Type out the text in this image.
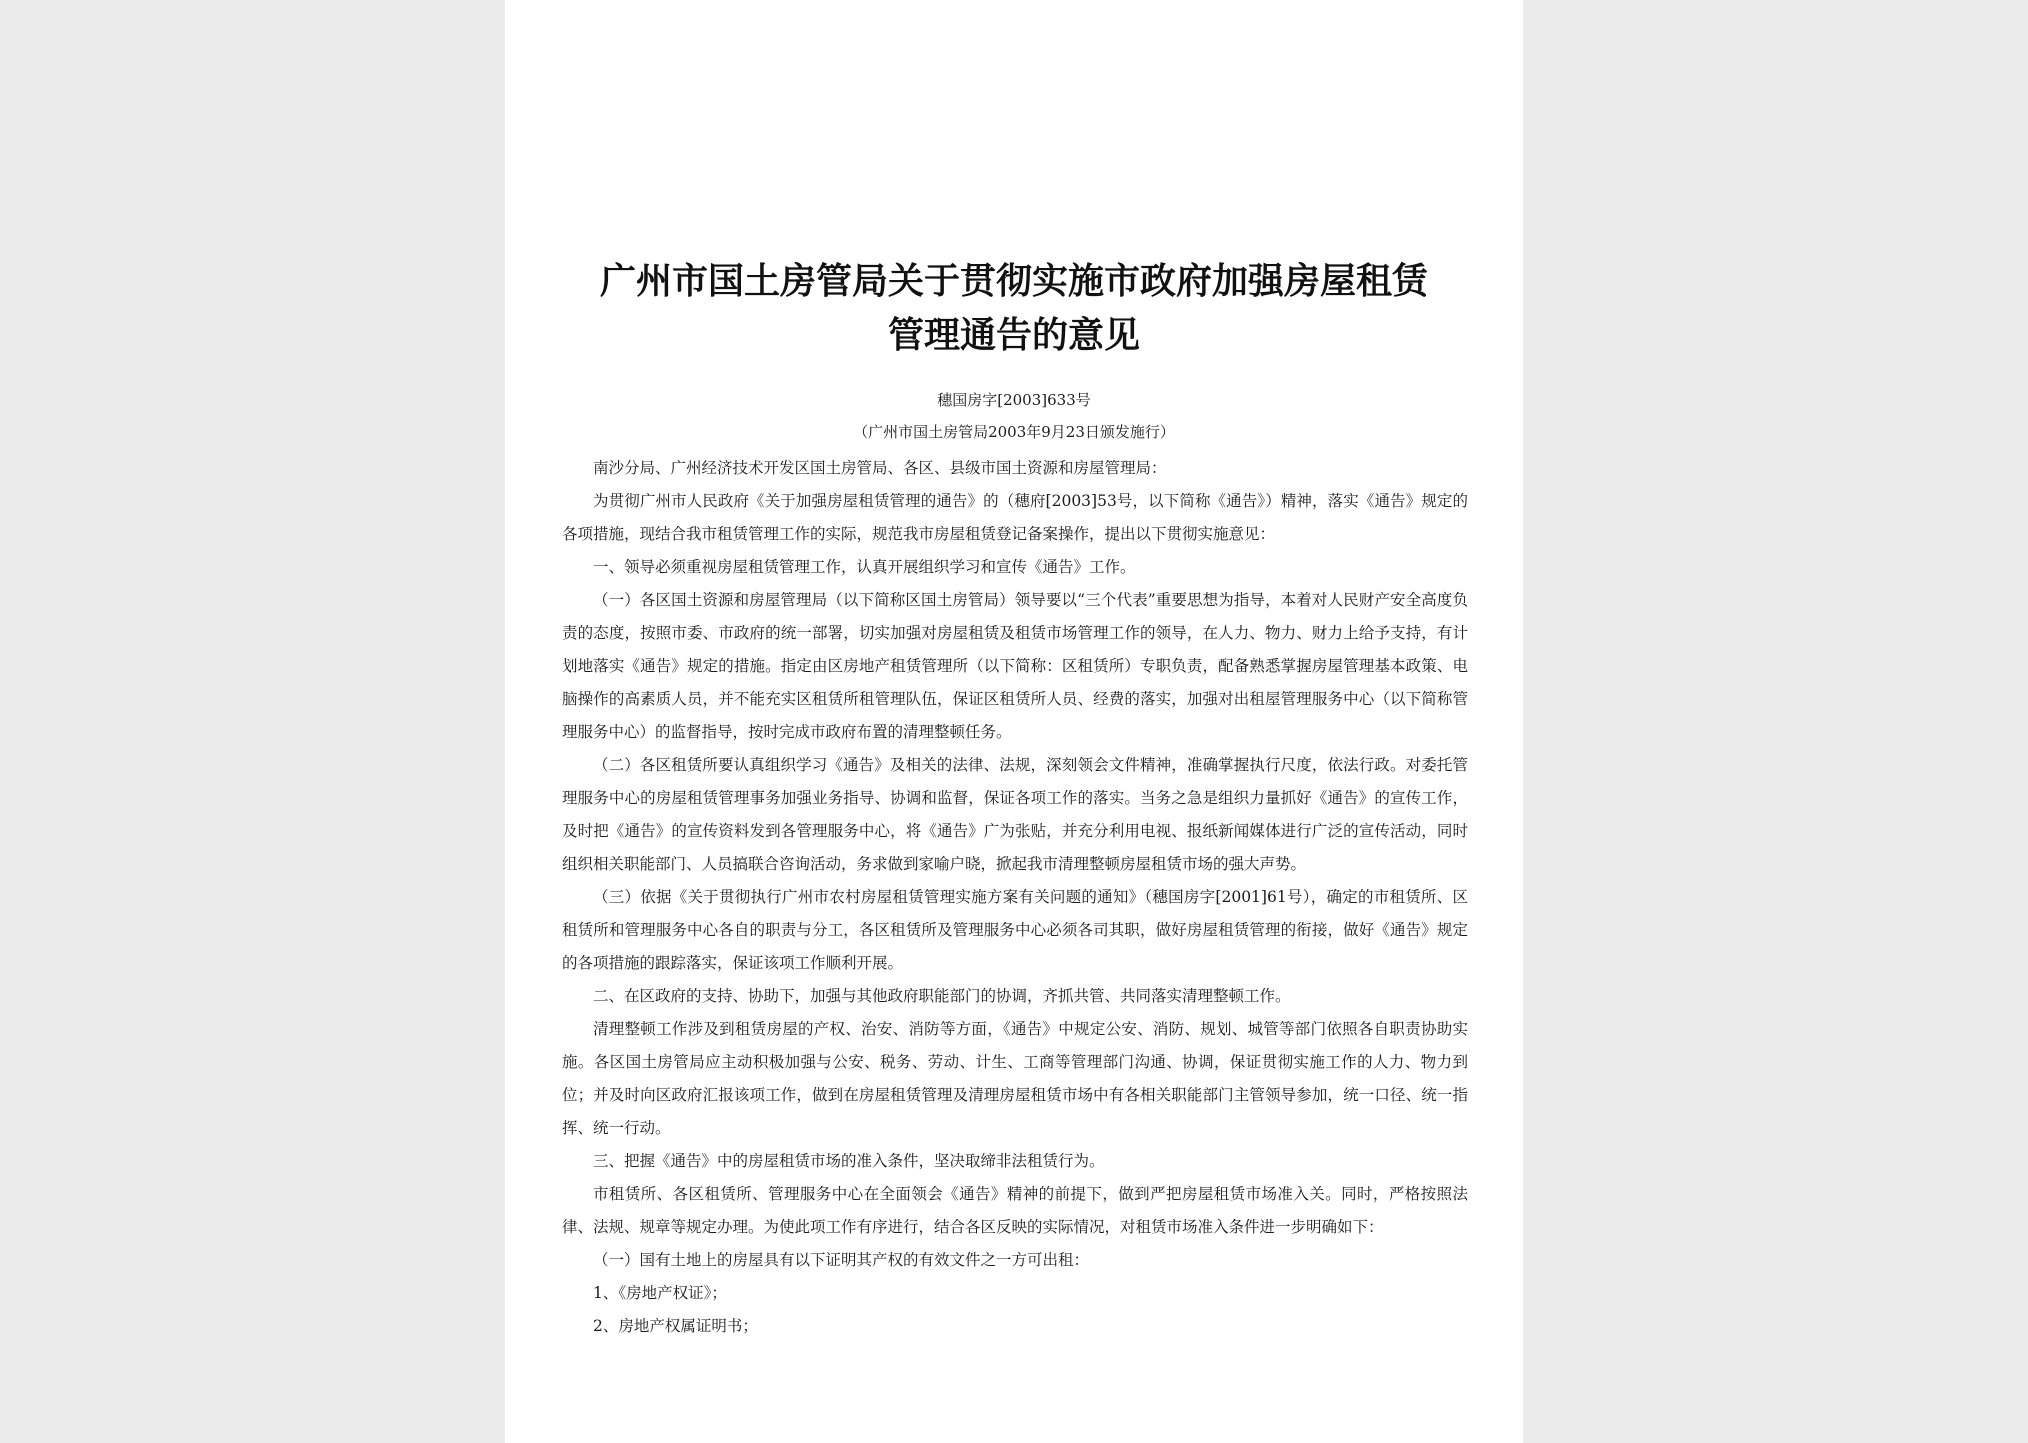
广州市国土房管局关于贯彻实施市政府加强房屋租赁
管理通告的意见
穗国房字[2003]633号
（广州市国土房管局2003年9月23日颁发施行）

南沙分局、广州经济技术开发区国土房管局、各区、县级市国土资源和房屋管理局：

为贯彻广州市人民政府《关于加强房屋租赁管理的通告》的（穗府[2003]53号，以下简称《通告》）精神，落实《通告》规定的各项措施，现结合我市租赁管理工作的实际，规范我市房屋租赁登记备案操作，提出以下贯彻实施意见：

一、领导必须重视房屋租赁管理工作，认真开展组织学习和宣传《通告》工作。

（一）各区国土资源和房屋管理局（以下简称区国土房管局）领导要以“三个代表”重要思想为指导，本着对人民财产安全高度负责的态度，按照市委、市政府的统一部署，切实加强对房屋租赁及租赁市场管理工作的领导，在人力、物力、财力上给予支持，有计划地落实《通告》规定的措施。指定由区房地产租赁管理所（以下简称：区租赁所）专职负责，配备熟悉掌握房屋管理基本政策、电脑操作的高素质人员，并不能充实区租赁所租管理队伍，保证区租赁所人员、经费的落实，加强对出租屋管理服务中心（以下简称管理服务中心）的监督指导，按时完成市政府布置的清理整顿任务。

（二）各区租赁所要认真组织学习《通告》及相关的法律、法规，深刻领会文件精神，准确掌握执行尺度，依法行政。对委托管理服务中心的房屋租赁管理事务加强业务指导、协调和监督，保证各项工作的落实。当务之急是组织力量抓好《通告》的宣传工作，及时把《通告》的宣传资料发到各管理服务中心，将《通告》广为张贴，并充分利用电视、报纸新闻媒体进行广泛的宣传活动，同时组织相关职能部门、人员搞联合咨询活动，务求做到家喻户晓，掀起我市清理整顿房屋租赁市场的强大声势。

（三）依据《关于贯彻执行广州市农村房屋租赁管理实施方案有关问题的通知》（穗国房字[2001]61号），确定的市租赁所、区租赁所和管理服务中心各自的职责与分工，各区租赁所及管理服务中心必须各司其职，做好房屋租赁管理的衔接，做好《通告》规定的各项措施的跟踪落实，保证该项工作顺利开展。

二、在区政府的支持、协助下，加强与其他政府职能部门的协调，齐抓共管、共同落实清理整顿工作。

清理整顿工作涉及到租赁房屋的产权、治安、消防等方面，《通告》中规定公安、消防、规划、城管等部门依照各自职责协助实施。各区国土房管局应主动积极加强与公安、税务、劳动、计生、工商等管理部门沟通、协调，保证贯彻实施工作的人力、物力到位；并及时向区政府汇报该项工作，做到在房屋租赁管理及清理房屋租赁市场中有各相关职能部门主管领导参加，统一口径、统一指挥、统一行动。

三、把握《通告》中的房屋租赁市场的准入条件，坚决取缔非法租赁行为。

市租赁所、各区租赁所、管理服务中心在全面领会《通告》精神的前提下，做到严把房屋租赁市场准入关。同时，严格按照法律、法规、规章等规定办理。为使此项工作有序进行，结合各区反映的实际情况，对租赁市场准入条件进一步明确如下：

（一）国有土地上的房屋具有以下证明其产权的有效文件之一方可出租：

1、《房地产权证》；

2、房地产权属证明书；
